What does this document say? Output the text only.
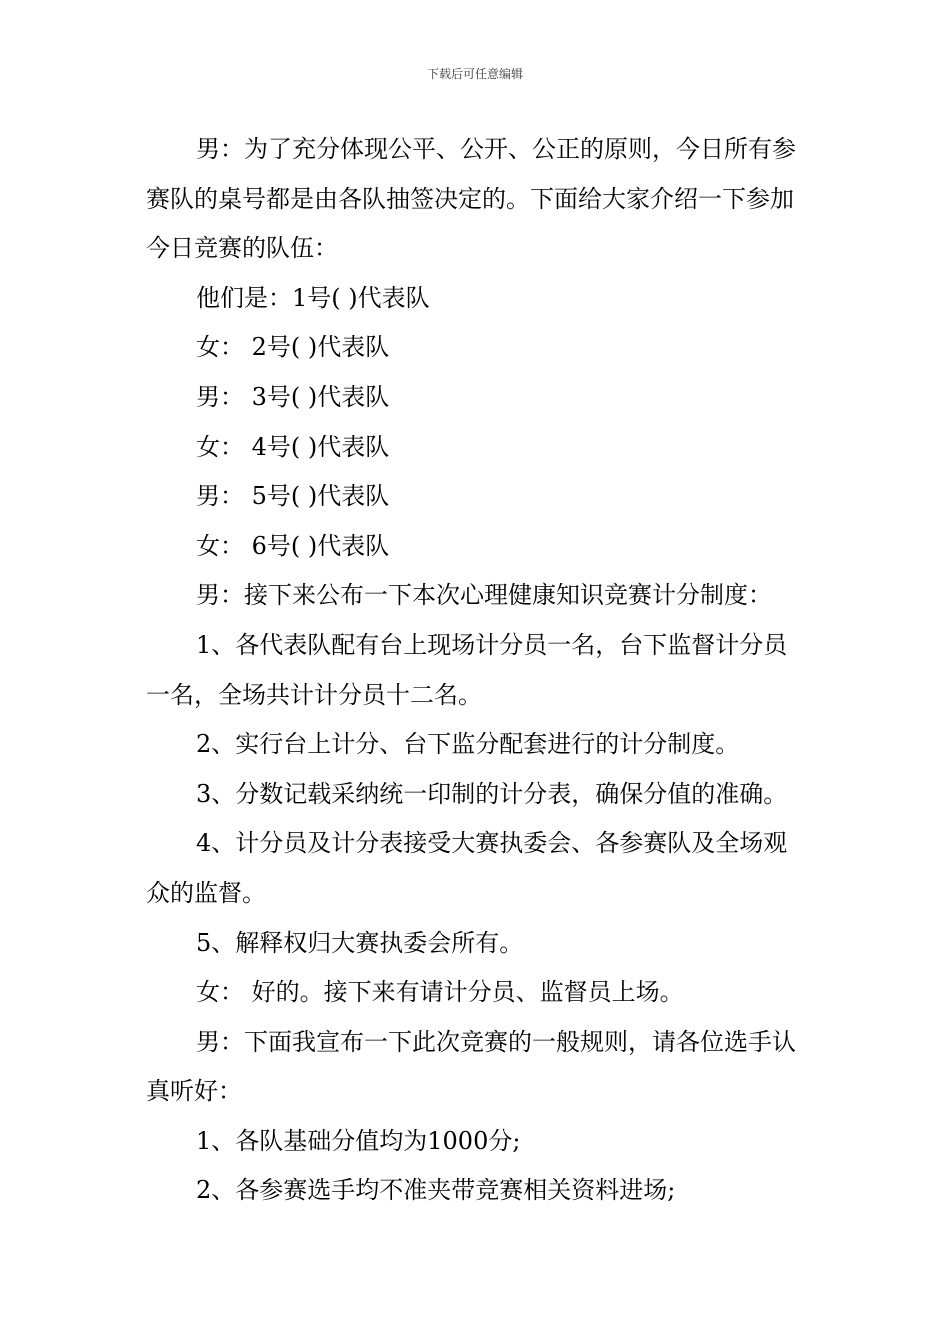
下载后可任意编辑

男：为了充分体现公平、公开、公正的原则，今日所有参赛队的桌号都是由各队抽签决定的。下面给大家介绍一下参加今日竞赛的队伍：

他们是：1号( )代表队

女： 2号( )代表队

男： 3号( )代表队

女： 4号( )代表队

男： 5号( )代表队

女： 6号( )代表队

男：接下来公布一下本次心理健康知识竞赛计分制度：

1、各代表队配有台上现场计分员一名，台下监督计分员一名，全场共计计分员十二名。

2、实行台上计分、台下监分配套进行的计分制度。

3、分数记载采纳统一印制的计分表，确保分值的准确。

4、计分员及计分表接受大赛执委会、各参赛队及全场观众的监督。

5、解释权归大赛执委会所有。

女： 好的。接下来有请计分员、监督员上场。

男：下面我宣布一下此次竞赛的一般规则，请各位选手认真听好：

1、各队基础分值均为1000分;

2、各参赛选手均不准夹带竞赛相关资料进场;
